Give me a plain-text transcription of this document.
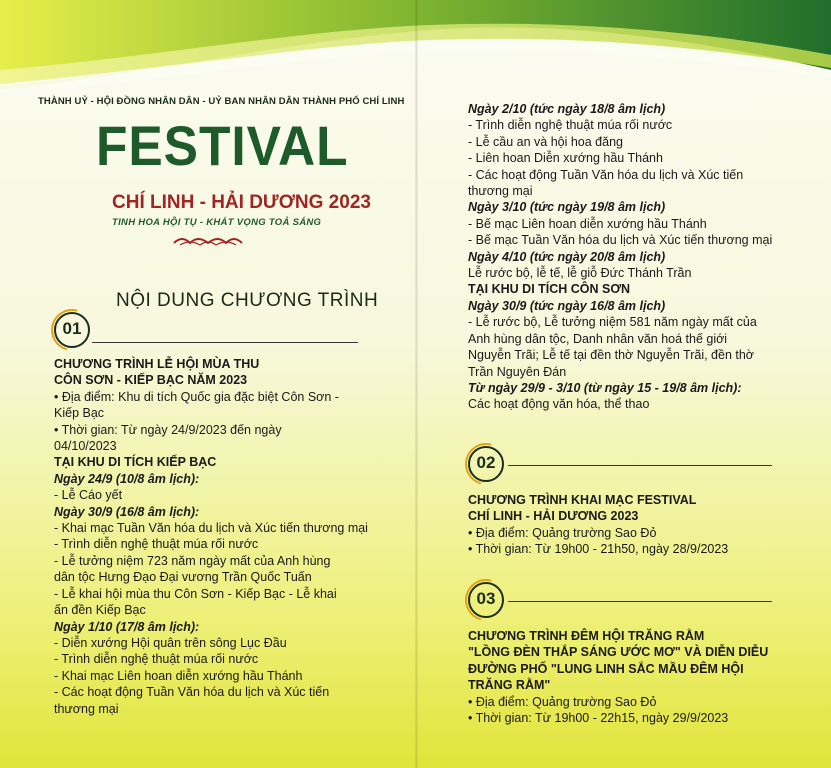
THÀNH UỶ - HỘI ĐỒNG NHÂN DÂN - UỶ BAN NHÂN DÂN THÀNH PHỐ CHÍ LINH
FESTIVAL
CHÍ LINH - HẢI DƯƠNG 2023
TINH HOA HỘI TỤ - KHÁT VỌNG TOẢ SÁNG
NỘI DUNG CHƯƠNG TRÌNH
01
CHƯƠNG TRÌNH LỄ HỘI MÙA THU
CÔN SƠN - KIẾP BẠC NĂM 2023
• Địa điểm: Khu di tích Quốc gia đặc biệt Côn Sơn -
Kiếp Bạc
• Thời gian: Từ ngày 24/9/2023 đến ngày
04/10/2023
TẠI KHU DI TÍCH KIẾP BẠC
Ngày 24/9 (10/8 âm lịch):
- Lễ Cáo yết
Ngày 30/9 (16/8 âm lịch):
- Khai mạc Tuần Văn hóa du lịch và Xúc tiến thương mại
- Trình diễn nghệ thuật múa rối nước
- Lễ tưởng niệm 723 năm ngày mất của Anh hùng
dân tộc Hưng Đạo Đại vương Trần Quốc Tuấn
- Lễ khai hội mùa thu Côn Sơn - Kiếp Bạc - Lễ khai
ấn đền Kiếp Bạc
Ngày 1/10 (17/8 âm lịch):
- Diễn xướng Hội quân trên sông Lục Đầu
- Trình diễn nghệ thuật múa rối nước
- Khai mạc Liên hoan diễn xướng hầu Thánh
- Các hoạt động Tuần Văn hóa du lịch và Xúc tiến
thương mại
Ngày 2/10 (tức ngày 18/8 âm lịch)
- Trình diễn nghệ thuật múa rối nước
- Lễ cầu an và hội hoa đăng
- Liên hoan Diễn xướng hầu Thánh
- Các hoạt động Tuần Văn hóa du lịch và Xúc tiến
thương mại
Ngày 3/10 (tức ngày 19/8 âm lịch)
- Bế mạc Liên hoan diễn xướng hầu Thánh
- Bế mạc Tuần Văn hóa du lịch và Xúc tiến thương mại
Ngày 4/10 (tức ngày 20/8 âm lịch)
Lễ rước bộ, lễ tế, lễ giỗ Đức Thánh Trần
TẠI KHU DI TÍCH CÔN SƠN
Ngày 30/9 (tức ngày 16/8 âm lịch)
- Lễ rước bộ, Lễ tưởng niệm 581 năm ngày mất của
Anh hùng dân tộc, Danh nhân văn hoá thế giới
Nguyễn Trãi; Lễ tế tại đền thờ Nguyễn Trãi, đền thờ
Trần Nguyên Đán
Từ ngày 29/9 - 3/10 (từ ngày 15 - 19/8 âm lịch):
Các hoạt động văn hóa, thể thao
02
CHƯƠNG TRÌNH KHAI MẠC FESTIVAL
CHÍ LINH - HẢI DƯƠNG 2023
• Địa điểm: Quảng trường Sao Đỏ
• Thời gian: Từ 19h00 - 21h50, ngày 28/9/2023
03
CHƯƠNG TRÌNH ĐÊM HỘI TRĂNG RẰM
"LỒNG ĐÈN THẮP SÁNG ƯỚC MƠ" VÀ DIỄN DIỄU
ĐƯỜNG PHỐ "LUNG LINH SẮC MẦU ĐÊM HỘI
TRĂNG RẰM"
• Địa điểm: Quảng trường Sao Đỏ
• Thời gian: Từ 19h00 - 22h15, ngày 29/9/2023
